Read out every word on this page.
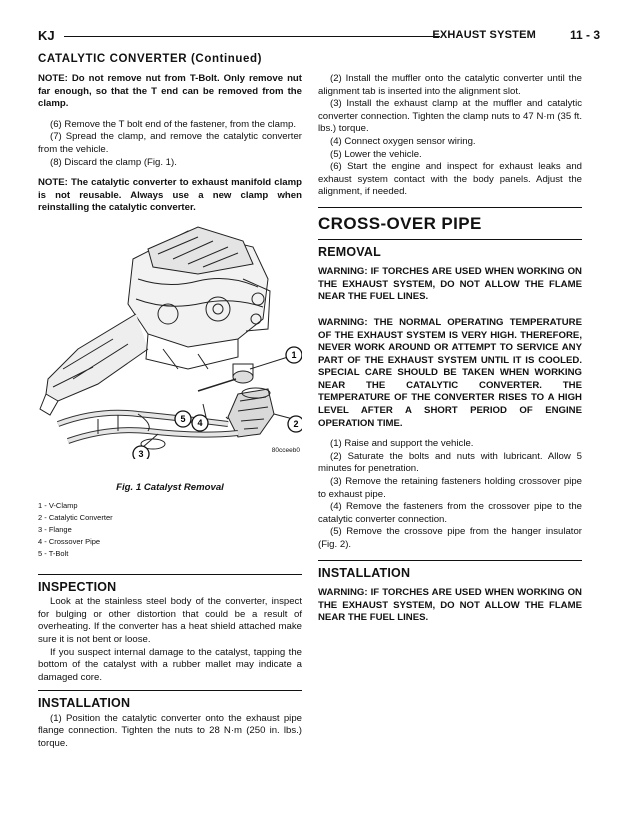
KJ	EXHAUST SYSTEM	11 - 3
CATALYTIC CONVERTER (Continued)

NOTE: Do not remove nut from T-Bolt. Only remove nut far enough, so that the T end can be removed from the clamp.

(6) Remove the T bolt end of the fastener, from the clamp.

(7) Spread the clamp, and remove the catalytic converter from the vehicle.

(8) Discard the clamp (Fig. 1).

NOTE: The catalytic converter to exhaust manifold clamp is not reusable. Always use a new clamp when reinstalling the catalytic converter.

1
2
3
4
5
80cceeb0

Fig. 1 Catalyst Removal

1 - V-Clamp

2 - Catalytic Converter

3 - Flange

4 - Crossover Pipe

5 - T-Bolt

INSPECTION

Look at the stainless steel body of the converter, inspect for bulging or other distortion that could be a result of overheating. If the converter has a heat shield attached make sure it is not bent or loose.

If you suspect internal damage to the catalyst, tapping the bottom of the catalyst with a rubber mallet may indicate a damaged core.

INSTALLATION

(1) Position the catalytic converter onto the exhaust pipe flange connection. Tighten the nuts to 28 N·m (250 in. lbs.) torque.

(2) Install the muffler onto the catalytic converter until the alignment tab is inserted into the alignment slot.

(3) Install the exhaust clamp at the muffler and catalytic converter connection. Tighten the clamp nuts to 47 N·m (35 ft. lbs.) torque.

(4) Connect oxygen sensor wiring.

(5) Lower the vehicle.

(6) Start the engine and inspect for exhaust leaks and exhaust system contact with the body panels. Adjust the alignment, if needed.

CROSS-OVER PIPE
REMOVAL

WARNING: IF TORCHES ARE USED WHEN WORKING ON THE EXHAUST SYSTEM, DO NOT ALLOW THE FLAME NEAR THE FUEL LINES.

WARNING: THE NORMAL OPERATING TEMPERATURE OF THE EXHAUST SYSTEM IS VERY HIGH. THEREFORE, NEVER WORK AROUND OR ATTEMPT TO SERVICE ANY PART OF THE EXHAUST SYSTEM UNTIL IT IS COOLED. SPECIAL CARE SHOULD BE TAKEN WHEN WORKING NEAR THE CATALYTIC CONVERTER. THE TEMPERATURE OF THE CONVERTER RISES TO A HIGH LEVEL AFTER A SHORT PERIOD OF ENGINE OPERATION TIME.

(1) Raise and support the vehicle.

(2) Saturate the bolts and nuts with lubricant. Allow 5 minutes for penetration.

(3) Remove the retaining fasteners holding crossover pipe to exhaust pipe.

(4) Remove the fasteners from the crossover pipe to the catalytic converter connection.

(5) Remove the crossove pipe from the hanger insulator (Fig. 2).

INSTALLATION

WARNING: IF TORCHES ARE USED WHEN WORKING ON THE EXHAUST SYSTEM, DO NOT ALLOW THE FLAME NEAR THE FUEL LINES.
